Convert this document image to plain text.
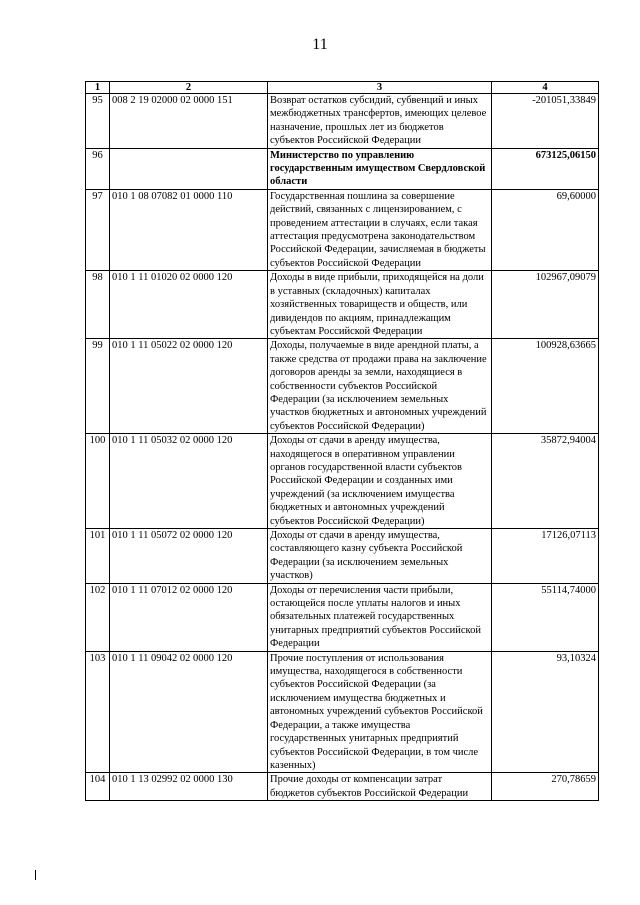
11
1	2	3	4
95	008 2 19 02000 02 0000 151	Возврат остатков субсидий, субвенций и иных межбюджетных трансфертов, имеющих целевое назначение, прошлых лет из бюджетов субъектов Российской Федерации	-201051,33849
96		Министерство по управлению государственным имуществом Свердловской области	673125,06150
97	010 1 08 07082 01 0000 110	Государственная пошлина за совершение действий, связанных с лицензированием, с проведением аттестации в случаях, если такая аттестация предусмотрена законодательством Российской Федерации, зачисляемая в бюджеты субъектов Российской Федерации	69,60000
98	010 1 11 01020 02 0000 120	Доходы в виде прибыли, приходящейся на доли в уставных (складочных) капиталах хозяйственных товариществ и обществ, или дивидендов по акциям, принадлежащим субъектам Российской Федерации	102967,09079
99	010 1 11 05022 02 0000 120	Доходы, получаемые в виде арендной платы, а также средства от продажи права на заключение договоров аренды за земли, находящиеся в собственности субъектов Российской Федерации (за исключением земельных участков бюджетных и автономных учреждений субъектов Российской Федерации)	100928,63665
100	010 1 11 05032 02 0000 120	Доходы от сдачи в аренду имущества, находящегося в оперативном управлении органов государственной власти субъектов Российской Федерации и созданных ими учреждений (за исключением имущества бюджетных и автономных учреждений субъектов Российской Федерации)	35872,94004
101	010 1 11 05072 02 0000 120	Доходы от сдачи в аренду имущества, составляющего казну субъекта Российской Федерации (за исключением земельных участков)	17126,07113
102	010 1 11 07012 02 0000 120	Доходы от перечисления части прибыли, остающейся после уплаты налогов и иных обязательных платежей государственных унитарных предприятий субъектов Российской Федерации	55114,74000
103	010 1 11 09042 02 0000 120	Прочие поступления от использования имущества, находящегося в собственности субъектов Российской Федерации (за исключением имущества бюджетных и автономных учреждений субъектов Российской Федерации, а также имущества государственных унитарных предприятий субъектов Российской Федерации, в том числе казенных)	93,10324
104	010 1 13 02992 02 0000 130	Прочие доходы от компенсации затрат бюджетов субъектов Российской Федерации	270,78659
